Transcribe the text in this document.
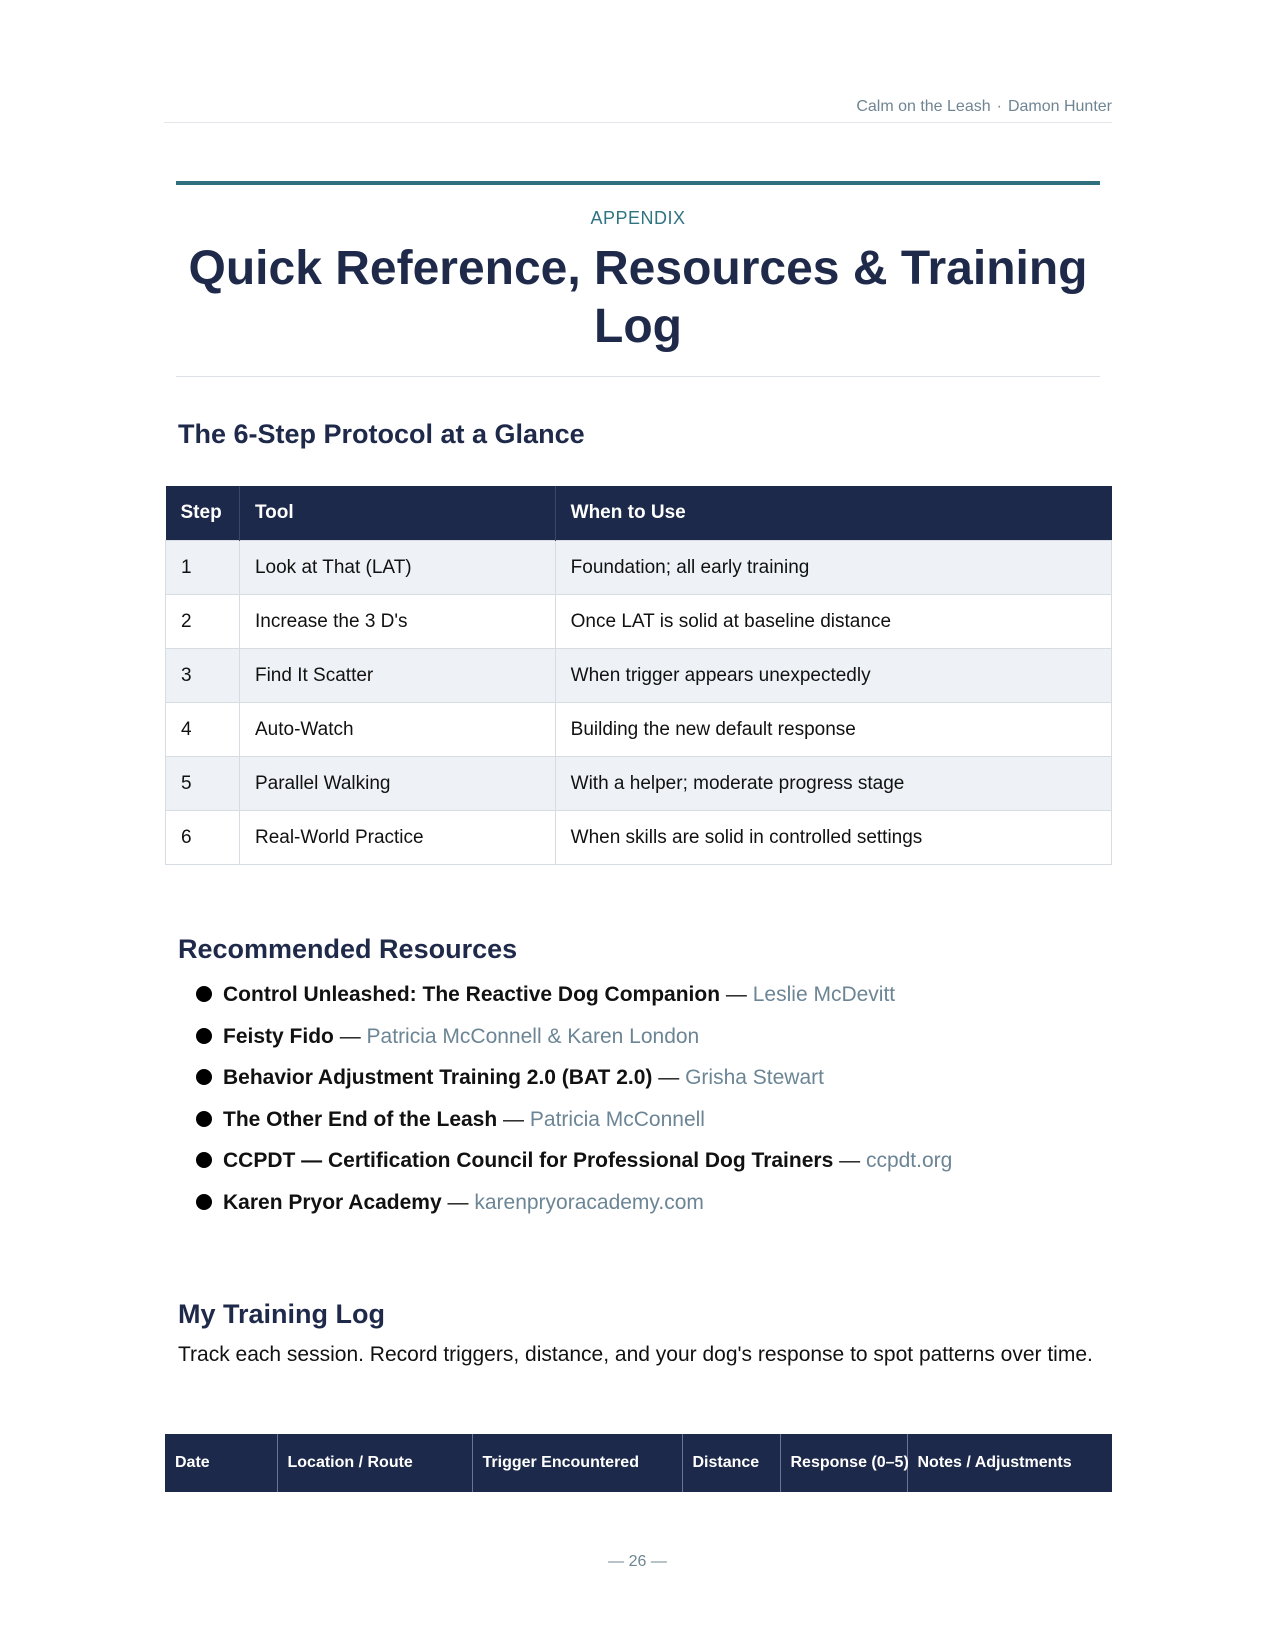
Calm on the Leash · Damon Hunter
APPENDIX
Quick Reference, Resources & Training Log
The 6-Step Protocol at a Glance
Step	Tool	When to Use
1	Look at That (LAT)	Foundation; all early training
2	Increase the 3 D's	Once LAT is solid at baseline distance
3	Find It Scatter	When trigger appears unexpectedly
4	Auto-Watch	Building the new default response
5	Parallel Walking	With a helper; moderate progress stage
6	Real-World Practice	When skills are solid in controlled settings
Recommended Resources
Control Unleashed: The Reactive Dog Companion — Leslie McDevitt
Feisty Fido — Patricia McConnell & Karen London
Behavior Adjustment Training 2.0 (BAT 2.0) — Grisha Stewart
The Other End of the Leash — Patricia McConnell
CCPDT — Certification Council for Professional Dog Trainers — ccpdt.org
Karen Pryor Academy — karenpryoracademy.com
My Training Log

Track each session. Record triggers, distance, and your dog's response to spot patterns over time.

Date	Location / Route	Trigger Encountered	Distance	Response (0–5)	Notes / Adjustments
— 26 —
